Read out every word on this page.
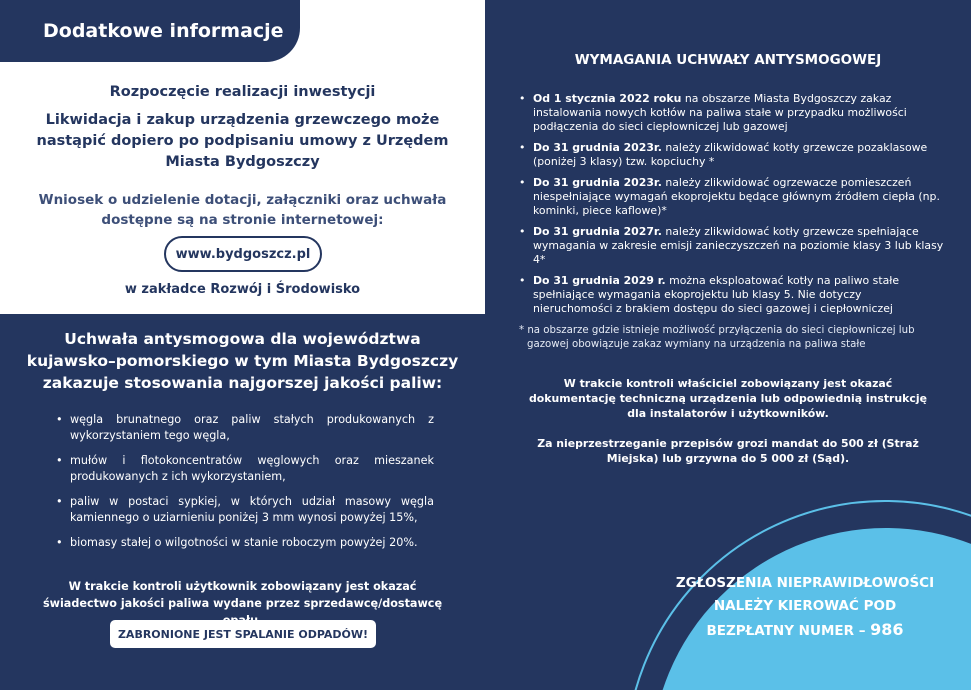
Dodatkowe informacje
Rozpoczęcie realizacji inwestycji
Likwidacja i zakup urządzenia grzewczego może nastąpić dopiero po podpisaniu umowy z Urzędem Miasta Bydgoszczy
Wniosek o udzielenie dotacji, załączniki oraz uchwała dostępne są na stronie internetowej:
www.bydgoszcz.pl
w zakładce Rozwój i Środowisko
Uchwała antysmogowa dla województwa kujawsko–pomorskiego w tym Miasta Bydgoszczy zakazuje stosowania najgorszej jakości paliw:
• węgla brunatnego oraz paliw stałych produkowanych z wykorzystaniem tego węgla,
• mułów i flotokoncentratów węglowych oraz mieszanek produkowanych z ich wykorzystaniem,
• paliw w postaci sypkiej, w których udział masowy węgla kamiennego o uziarnieniu poniżej 3 mm wynosi powyżej 15%,
• biomasy stałej o wilgotności w stanie roboczym powyżej 20%.
W trakcie kontroli użytkownik zobowiązany jest okazać świadectwo jakości paliwa wydane przez sprzedawcę/dostawcę
ZABRONIONE JEST SPALANIE ODPADÓW!
WYMAGANIA UCHWAŁY ANTYSMOGOWEJ
• Od 1 stycznia 2022 roku na obszarze Miasta Bydgoszczy zakaz instalowania nowych kotłów na paliwa stałe w przypadku możliwości podłączenia do sieci ciepłowniczej lub gazowej
• Do 31 grudnia 2023r. należy zlikwidować kotły grzewcze pozaklasowe (poniżej 3 klasy) tzw. kopciuchy *
• Do 31 grudnia 2023r. należy zlikwidować ogrzewacze pomieszczeń niespełniające wymagań ekoprojektu będące głównym źródłem ciepła (np. kominki, piece kaflowe)*
• Do 31 grudnia 2027r. należy zlikwidować kotły grzewcze spełniające wymagania w zakresie emisji zanieczyszczeń na poziomie klasy 3 lub klasy 4*
• Do 31 grudnia 2029 r. można eksploatować kotły na paliwo stałe spełniające wymagania ekoprojektu lub klasy 5. Nie dotyczy nieruchomości z brakiem dostępu do sieci gazowej i ciepłowniczej
* na obszarze gdzie istnieje możliwość przyłączenia do sieci ciepłowniczej lub gazowej obowiązuje zakaz wymiany na urządzenia na paliwa stałe
W trakcie kontroli właściciel zobowiązany jest okazać dokumentację techniczną urządzenia lub odpowiednią instrukcję dla instalatorów i użytkowników.
Za nieprzestrzeganie przepisów grozi mandat do 500 zł (Straż Miejska) lub grzywna do 5 000 zł (Sąd).
ZGŁOSZENIA NIEPRAWIDŁOWOŚCI
NALEŻY KIEROWAĆ POD
BEZPŁATNY NUMER – 986
